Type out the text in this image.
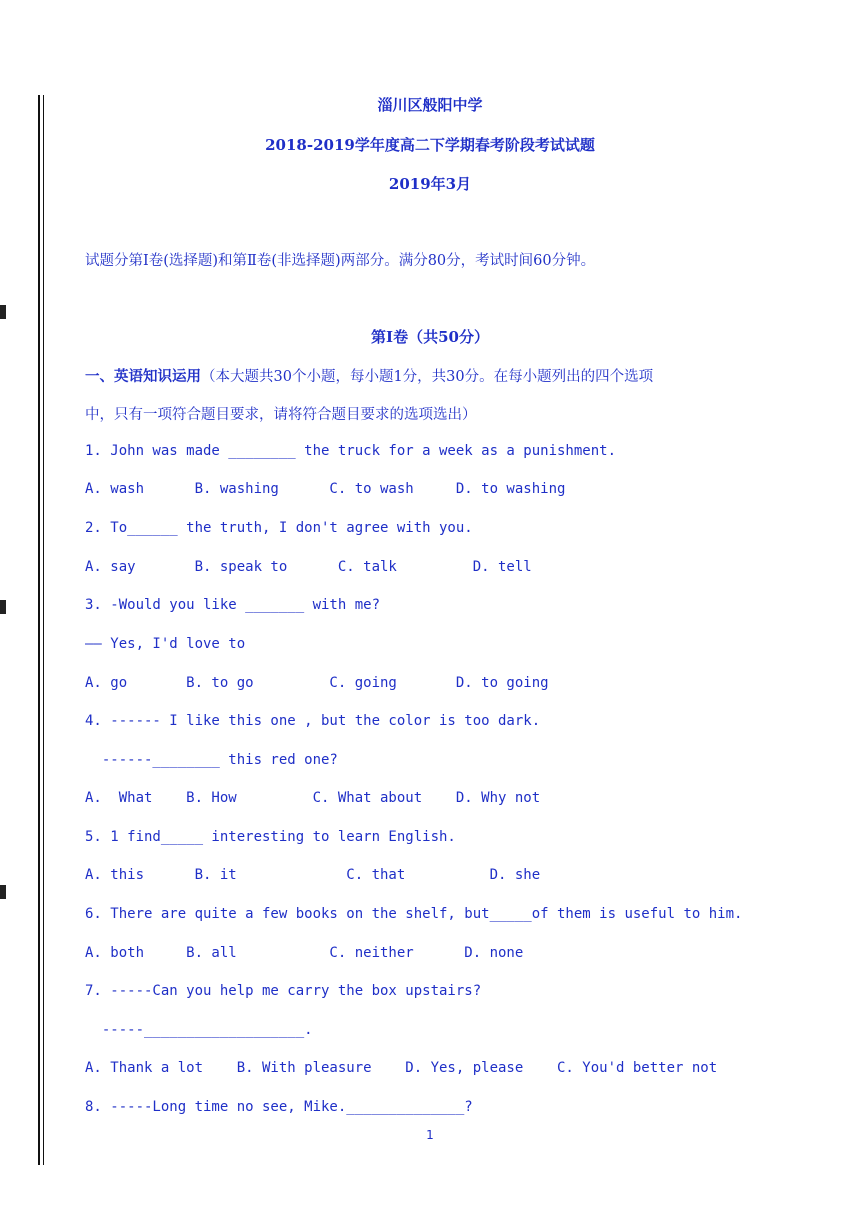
淄川区般阳中学
2018-2019学年度高二下学期春考阶段考试试题
2019年3月
试题分第Ⅰ卷(选择题)和第Ⅱ卷(非选择题)两部分。满分80分，考试时间60分钟。
第Ⅰ卷（共50分）
一、英语知识运用（本大题共30个小题，每小题1分，共30分。在每小题列出的四个选项
中，只有一项符合题目要求，请将符合题目要求的选项选出）
1. John was made ________ the truck for a week as a punishment.
A. wash      B. washing      C. to wash     D. to washing
2. To______ the truth, I don't agree with you.
A. say       B. speak to      C. talk         D. tell
3. -Would you like _______ with me?
—— Yes, I'd love to
A. go       B. to go         C. going       D. to going
4. ------ I like this one , but the color is too dark.
------________ this red one?
A.  What    B. How         C. What about    D. Why not
5. 1 find_____ interesting to learn English.
A. this      B. it             C. that          D. she
6. There are quite a few books on the shelf, but_____of them is useful to him.
A. both     B. all           C. neither      D. none
7. -----Can you help me carry the box upstairs?
-----___________________.
A. Thank a lot    B. With pleasure    D. Yes, please    C. You'd better not
8. -----Long time no see, Mike.______________?
1
